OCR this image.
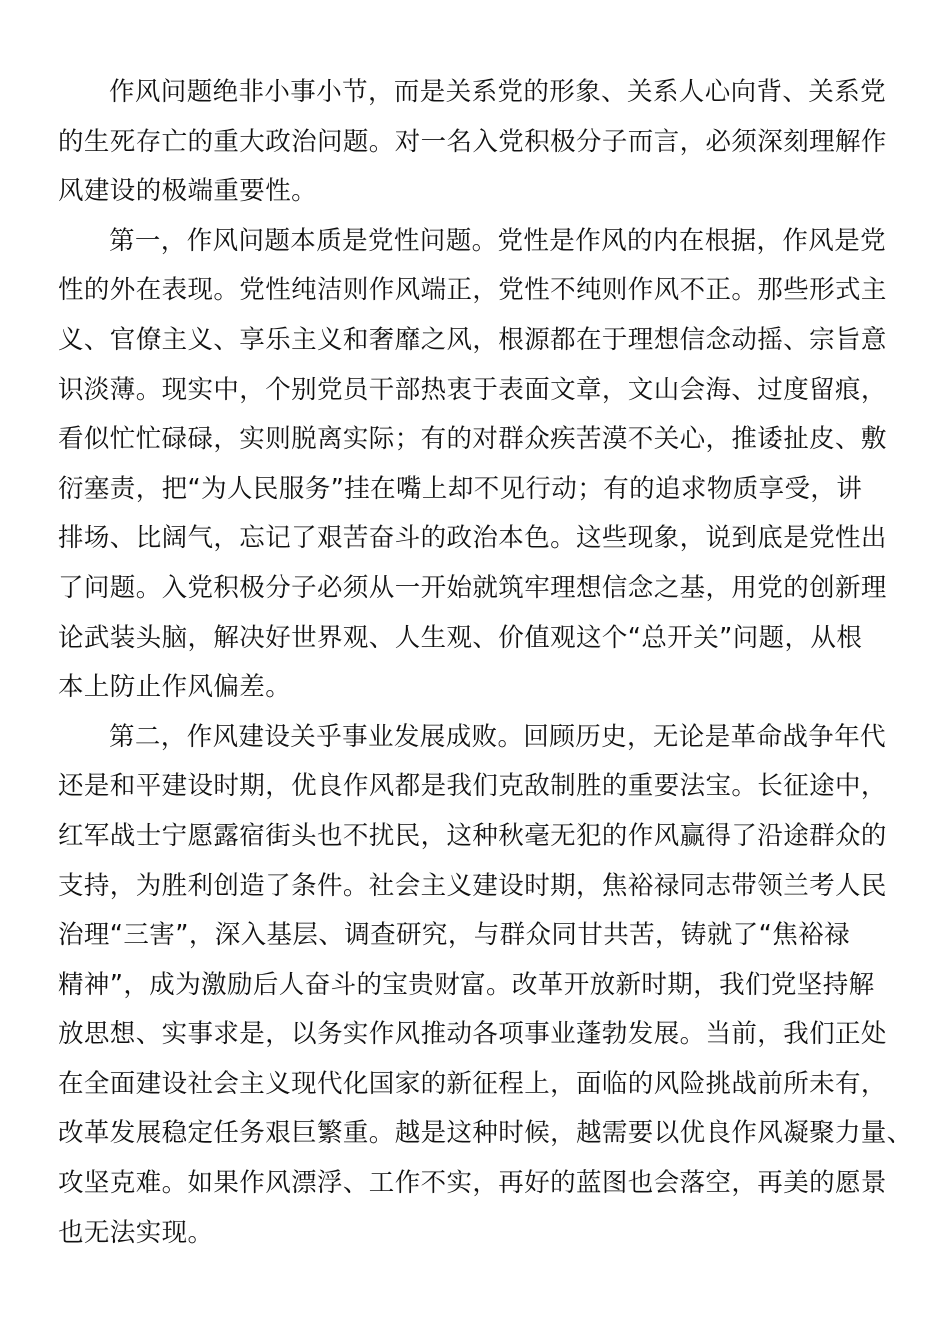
作风问题绝非小事小节，而是关系党的形象、关系人心向背、关系党
的生死存亡的重大政治问题。对一名入党积极分子而言，必须深刻理解作
风建设的极端重要性。
第一，作风问题本质是党性问题。党性是作风的内在根据，作风是党
性的外在表现。党性纯洁则作风端正，党性不纯则作风不正。那些形式主
义、官僚主义、享乐主义和奢靡之风，根源都在于理想信念动摇、宗旨意
识淡薄。现实中，个别党员干部热衷于表面文章，文山会海、过度留痕，
看似忙忙碌碌，实则脱离实际；有的对群众疾苦漠不关心，推诿扯皮、敷
衍塞责，把“为人民服务”挂在嘴上却不见行动；有的追求物质享受，讲
排场、比阔气，忘记了艰苦奋斗的政治本色。这些现象，说到底是党性出
了问题。入党积极分子必须从一开始就筑牢理想信念之基，用党的创新理
论武装头脑，解决好世界观、人生观、价值观这个“总开关”问题，从根
本上防止作风偏差。
第二，作风建设关乎事业发展成败。回顾历史，无论是革命战争年代
还是和平建设时期，优良作风都是我们克敌制胜的重要法宝。长征途中，
红军战士宁愿露宿街头也不扰民，这种秋毫无犯的作风赢得了沿途群众的
支持，为胜利创造了条件。社会主义建设时期，焦裕禄同志带领兰考人民
治理“三害”，深入基层、调查研究，与群众同甘共苦，铸就了“焦裕禄
精神”，成为激励后人奋斗的宝贵财富。改革开放新时期，我们党坚持解
放思想、实事求是，以务实作风推动各项事业蓬勃发展。当前，我们正处
在全面建设社会主义现代化国家的新征程上，面临的风险挑战前所未有，
改革发展稳定任务艰巨繁重。越是这种时候，越需要以优良作风凝聚力量、
攻坚克难。如果作风漂浮、工作不实，再好的蓝图也会落空，再美的愿景
也无法实现。
